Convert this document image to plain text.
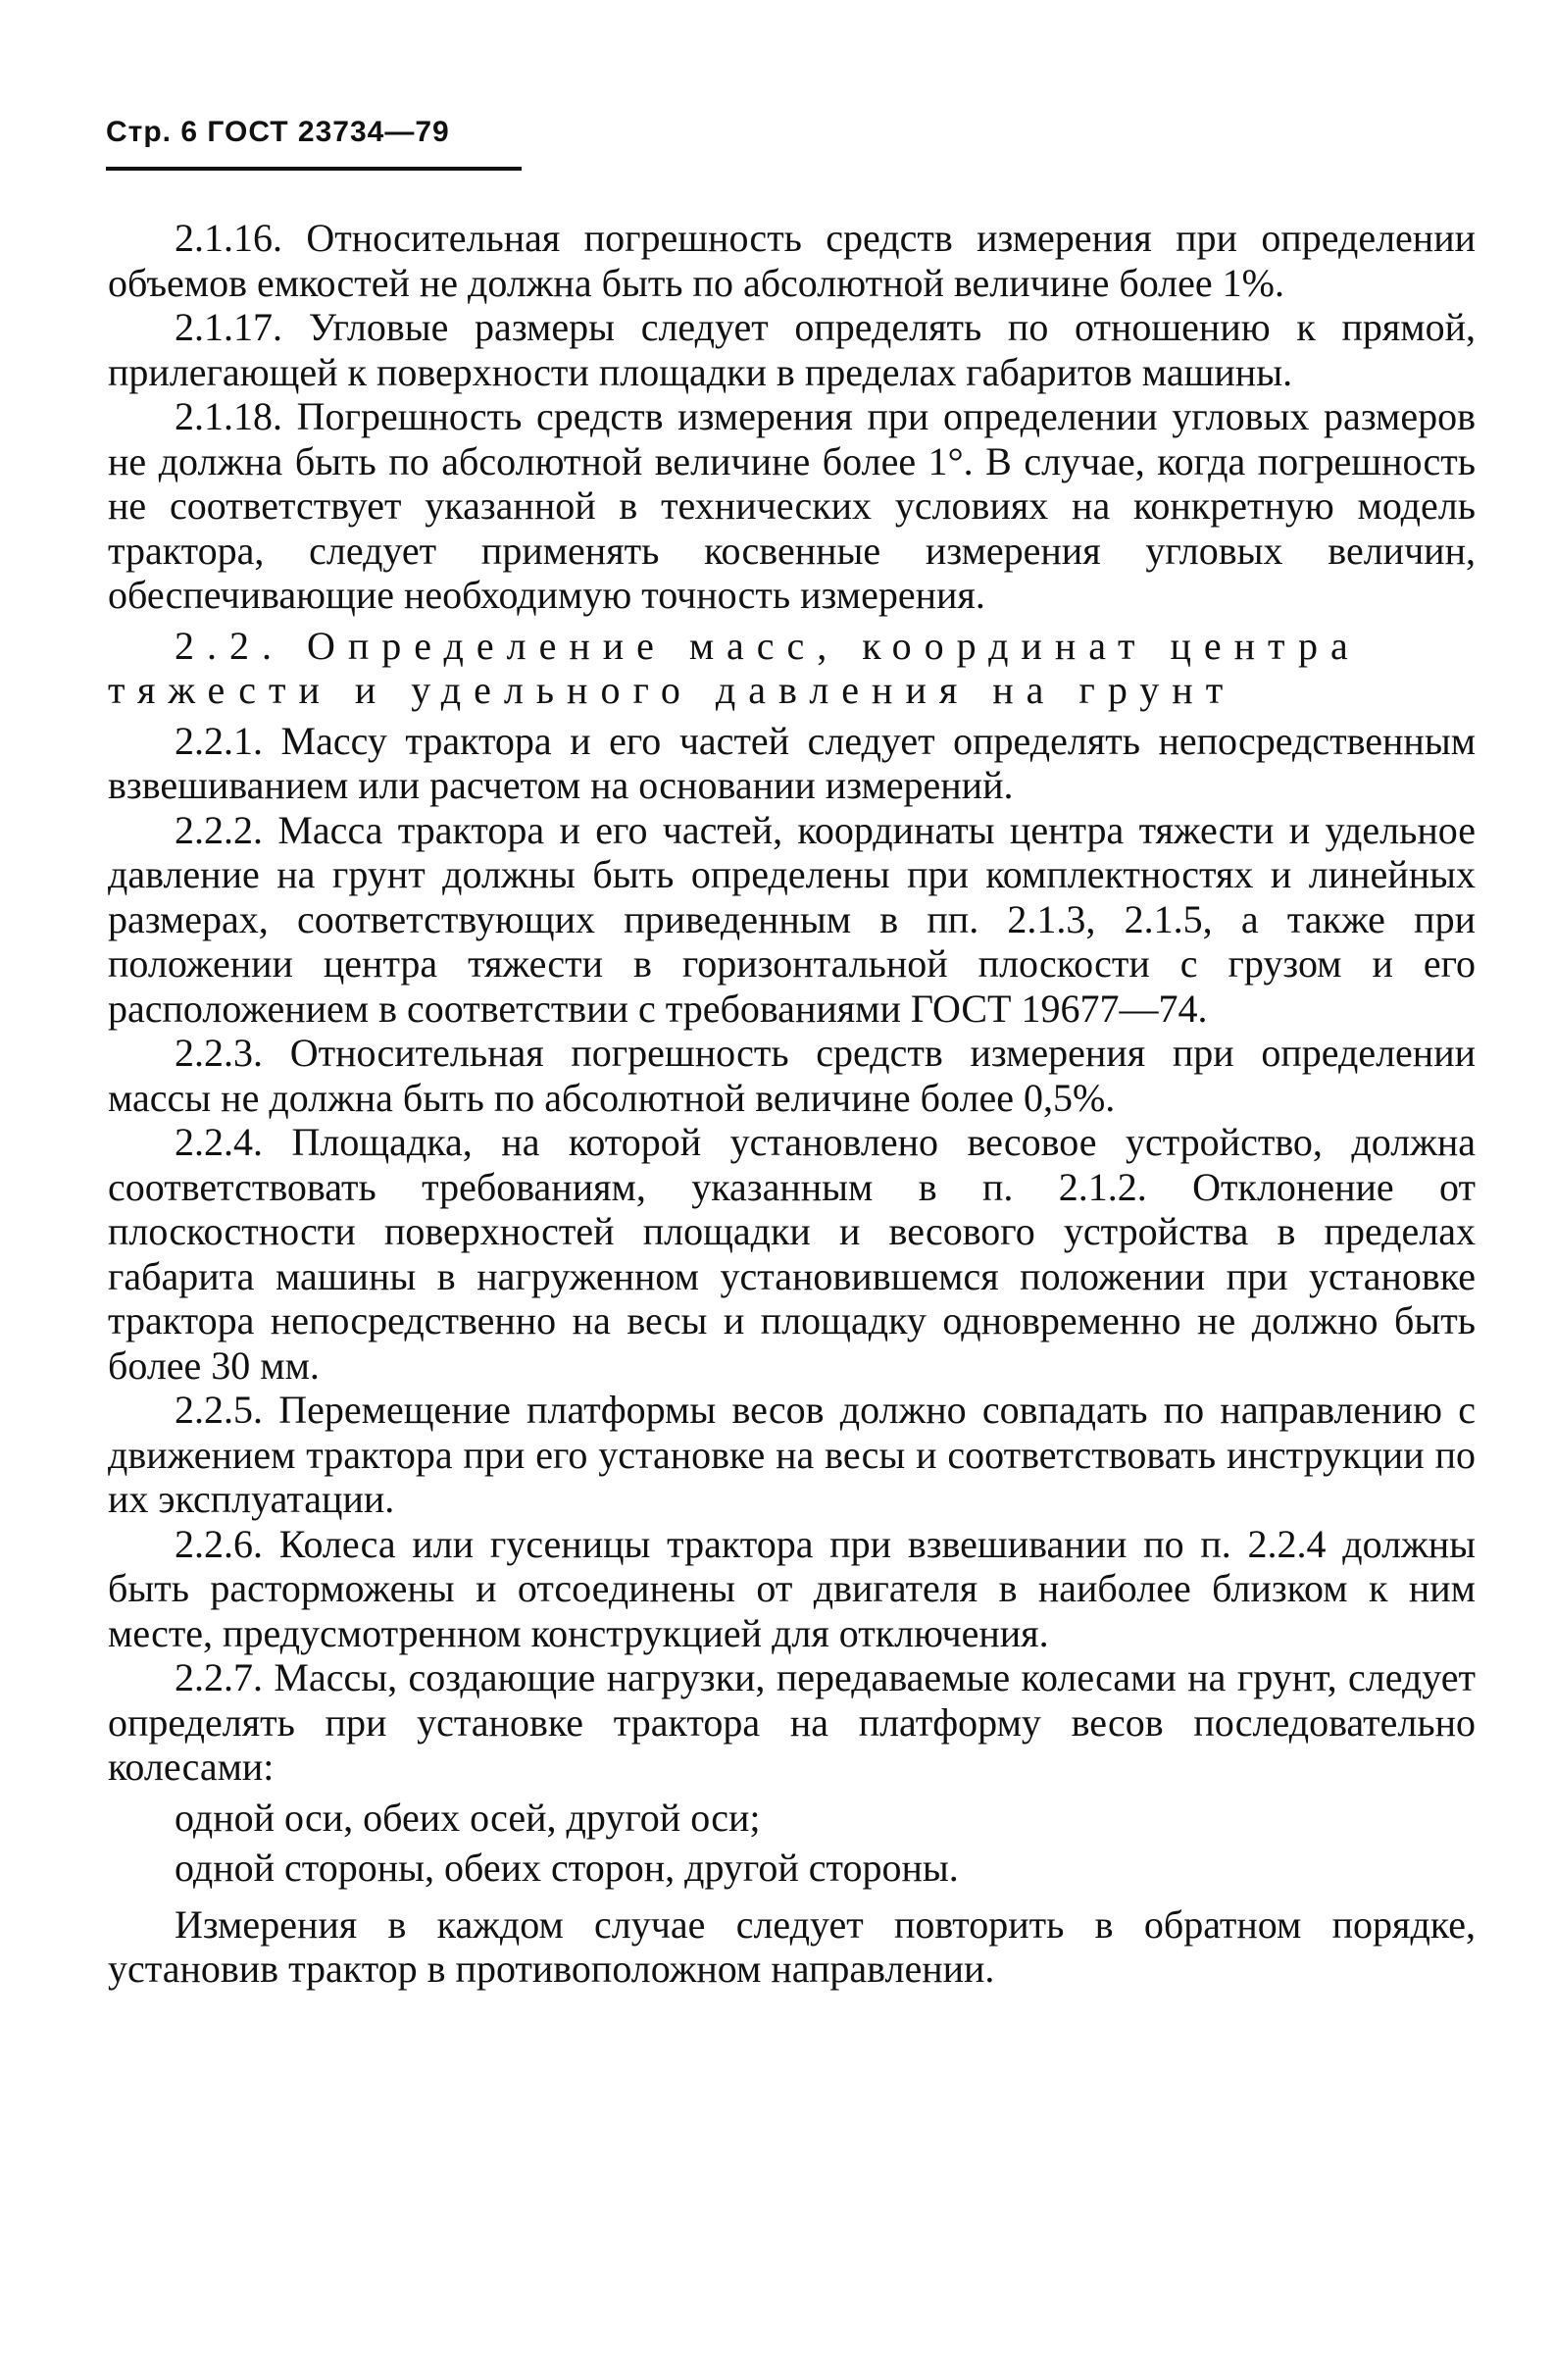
Стр. 6 ГОСТ 23734—79

2.1.16. Относительная погрешность средств измерения при определении объемов емкостей не должна быть по абсолютной величине более 1%.

2.1.17. Угловые размеры следует определять по отношению к прямой, прилегающей к поверхности площадки в пределах габаритов машины.

2.1.18. Погрешность средств измерения при определении угловых размеров не должна быть по абсолютной величине более 1°. В случае, когда погрешность не соответствует указанной в технических условиях на конкретную модель трактора, следует применять косвенные измерения угловых величин, обеспечивающие необходимую точность измерения.

2.2. Определение масс, координат центра тяжести и удельного давления на грунт

2.2.1. Массу трактора и его частей следует определять непосредственным взвешиванием или расчетом на основании измерений.

2.2.2. Масса трактора и его частей, координаты центра тяжести и удельное давление на грунт должны быть определены при комплектностях и линейных размерах, соответствующих приведенным в пп. 2.1.3, 2.1.5, а также при положении центра тяжести в горизонтальной плоскости с грузом и его расположением в соответствии с требованиями ГОСТ 19677—74.

2.2.3. Относительная погрешность средств измерения при определении массы не должна быть по абсолютной величине более 0,5%.

2.2.4. Площадка, на которой установлено весовое устройство, должна соответствовать требованиям, указанным в п. 2.1.2. Отклонение от плоскостности поверхностей площадки и весового устройства в пределах габарита машины в нагруженном установившемся положении при установке трактора непосредственно на весы и площадку одновременно не должно быть более 30 мм.

2.2.5. Перемещение платформы весов должно совпадать по направлению с движением трактора при его установке на весы и соответствовать инструкции по их эксплуатации.

2.2.6. Колеса или гусеницы трактора при взвешивании по п. 2.2.4 должны быть расторможены и отсоединены от двигателя в наиболее близком к ним месте, предусмотренном конструкцией для отключения.

2.2.7. Массы, создающие нагрузки, передаваемые колесами на грунт, следует определять при установке трактора на платформу весов последовательно колесами:

одной оси, обеих осей, другой оси;

одной стороны, обеих сторон, другой стороны.

Измерения в каждом случае следует повторить в обратном порядке, установив трактор в противоположном направлении.
